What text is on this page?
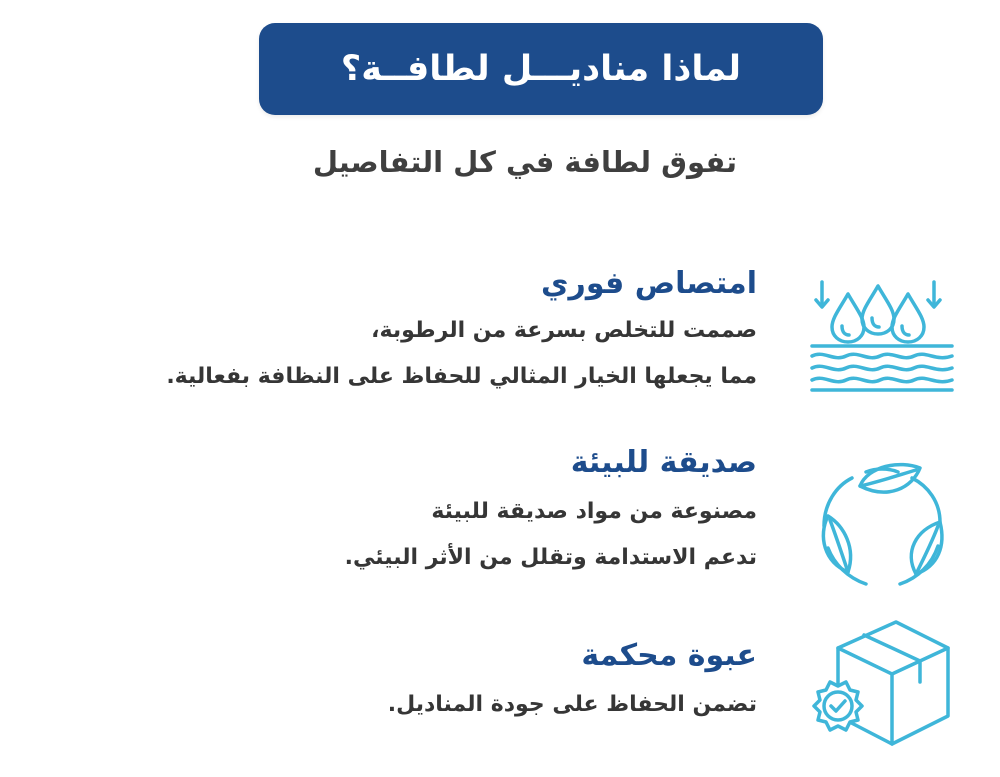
لماذا مناديـــل لطافــة؟
تفوق لطافة في كل التفاصيل
امتصاص فوري
صممت للتخلص بسرعة من الرطوبة،
مما يجعلها الخيار المثالي للحفاظ على النظافة بفعالية.
صديقة للبيئة
مصنوعة من مواد صديقة للبيئة
تدعم الاستدامة وتقلل من الأثر البيئي.
عبوة محكمة
تضمن الحفاظ على جودة المناديل.
